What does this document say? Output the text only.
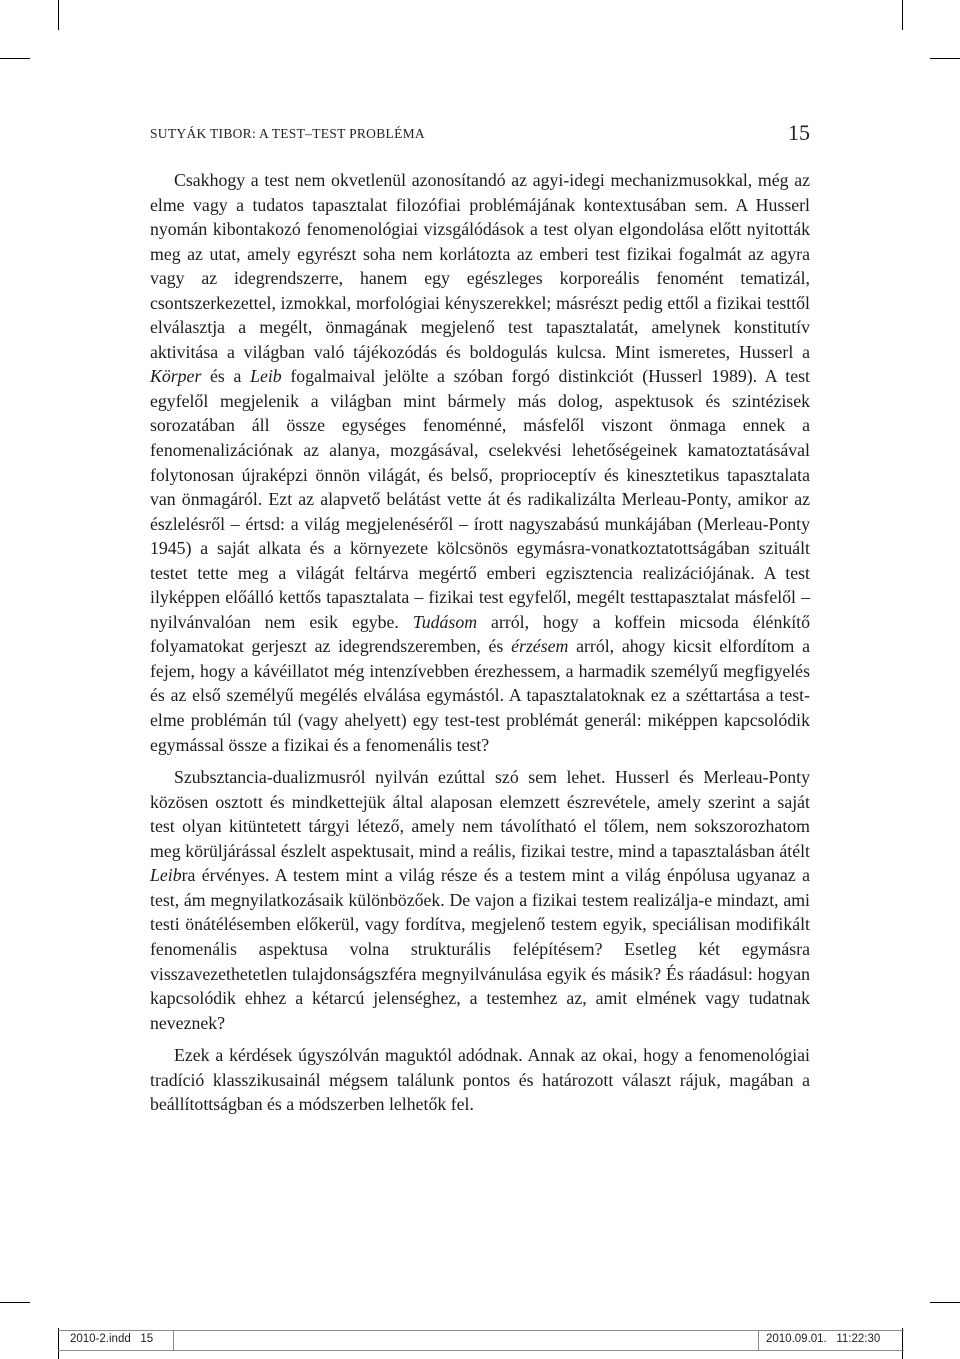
SUTYÁK TIBOR: A TEST–TEST PROBLÉMA	15

Csakhogy a test nem okvetlenül azonosítandó az agyi-idegi mechanizmusokkal, még az elme vagy a tudatos tapasztalat filozófiai problémájának kontextusában sem. A Husserl nyomán kibontakozó fenomenológiai vizsgálódások a test olyan elgondolása előtt nyitották meg az utat, amely egyrészt soha nem korlátozta az emberi test fizikai fogalmát az agyra vagy az idegrendszerre, hanem egy egészleges korporeális fenomént tematizál, csontszerkezettel, izmokkal, morfológiai kényszerekkel; másrészt pedig ettől a fizikai testtől elválasztja a megélt, önmagának megjelenő test tapasztalatát, amelynek konstitutív aktivitása a világban való tájékozódás és boldogulás kulcsa. Mint ismeretes, Husserl a Körper és a Leib fogalmaival jelölte a szóban forgó distinkciót (Husserl 1989). A test egyfelől megjelenik a világban mint bármely más dolog, aspektusok és szintézisek sorozatában áll össze egységes fenoménné, másfelől viszont önmaga ennek a fenomenalizációnak az alanya, mozgásával, cselekvési lehetőségeinek kamatoztatásával folytonosan újraképzi önnön világát, és belső, proprioceptív és kinesztetikus tapasztalata van önmagáról. Ezt az alapvető belátást vette át és radikalizálta Merleau-Ponty, amikor az észlelésről – értsd: a világ megjelenéséről – írott nagyszabású munkájában (Merleau-Ponty 1945) a saját alkata és a környezete kölcsönös egymásra-vonatkoztatottságában szituált testet tette meg a világát feltárva megértő emberi egzisztencia realizációjának. A test ilyképpen előálló kettős tapasztalata – fizikai test egyfelől, megélt testtapasztalat másfelől – nyilvánvalóan nem esik egybe. Tudásom arról, hogy a koffein micsoda élénkítő folyamatokat gerjeszt az idegrendszeremben, és érzésem arról, ahogy kicsit elfordítom a fejem, hogy a kávéillatot még intenzívebben érezhessem, a harmadik személyű megfigyelés és az első személyű megélés elválása egymástól. A tapasztalatoknak ez a széttartása a test-elme problémán túl (vagy ahelyett) egy test-test problémát generál: miképpen kapcsolódik egymással össze a fizikai és a fenomenális test?

Szubsztancia-dualizmusról nyilván ezúttal szó sem lehet. Husserl és Merleau-Ponty közösen osztott és mindkettejük által alaposan elemzett észrevétele, amely szerint a saját test olyan kitüntetett tárgyi létező, amely nem távolítható el tőlem, nem sokszorozhatom meg körüljárással észlelt aspektusait, mind a reális, fizikai testre, mind a tapasztalásban átélt Leibra érvényes. A testem mint a világ része és a testem mint a világ énpólusa ugyanaz a test, ám megnyilatkozásaik különbözőek. De vajon a fizikai testem realizálja-e mindazt, ami testi önátélésemben előkerül, vagy fordítva, megjelenő testem egyik, speciálisan modifikált fenomenális aspektusa volna strukturális felépítésem? Esetleg két egymásra visszavezethetetlen tulajdonságszféra megnyilvánulása egyik és másik? És ráadásul: hogyan kapcsolódik ehhez a kétarcú jelenséghez, a testemhez az, amit elmének vagy tudatnak neveznek?

Ezek a kérdések úgyszólván maguktól adódnak. Annak az okai, hogy a fenomenológiai tradíció klasszikusainál mégsem találunk pontos és határozott választ rájuk, magában a beállítottságban és a módszerben lelhetők fel.

2010-2.indd   15	2010.09.01.   11:22:30
